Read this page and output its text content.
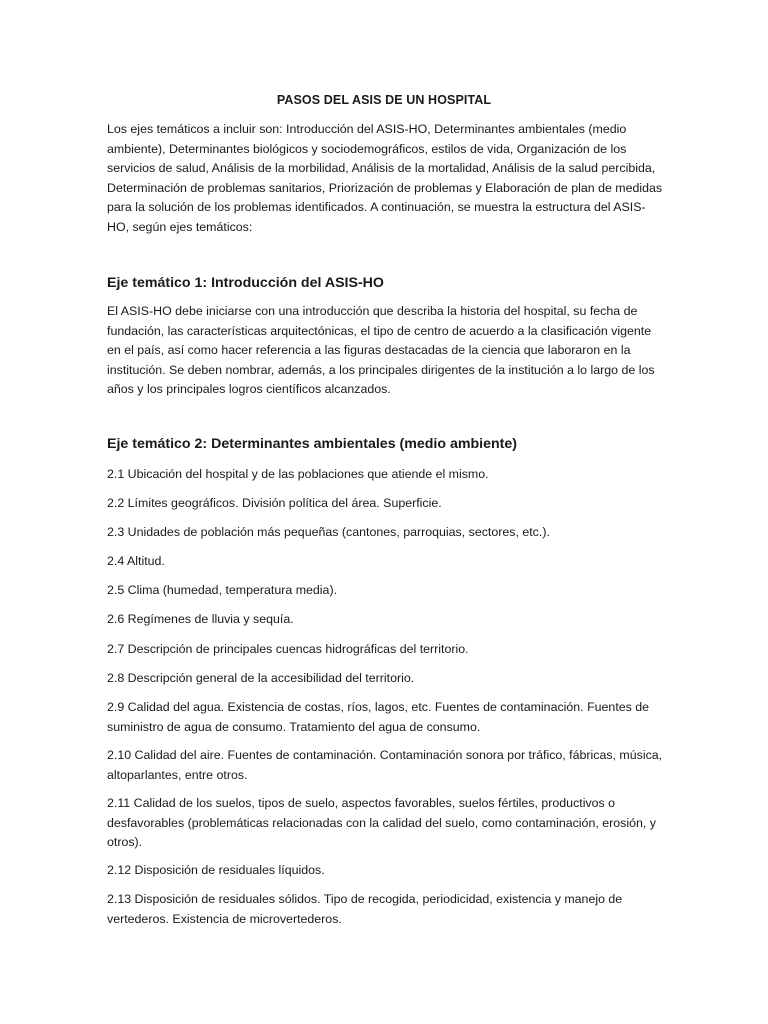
PASOS DEL ASIS DE UN HOSPITAL

Los ejes temáticos a incluir son: Introducción del ASIS-HO, Determinantes ambientales (medio ambiente), Determinantes biológicos y sociodemográficos, estilos de vida, Organización de los servicios de salud, Análisis de la morbilidad, Análisis de la mortalidad, Análisis de la salud percibida, Determinación de problemas sanitarios, Priorización de problemas y Elaboración de plan de medidas para la solución de los problemas identificados. A continuación, se muestra la estructura del ASIS-HO, según ejes temáticos:

Eje temático 1: Introducción del ASIS-HO

El ASIS-HO debe iniciarse con una introducción que describa la historia del hospital, su fecha de fundación, las características arquitectónicas, el tipo de centro de acuerdo a la clasificación vigente en el país, así como hacer referencia a las figuras destacadas de la ciencia que laboraron en la institución. Se deben nombrar, además, a los principales dirigentes de la institución a lo largo de los años y los principales logros científicos alcanzados.

Eje temático 2: Determinantes ambientales (medio ambiente)

2.1 Ubicación del hospital y de las poblaciones que atiende el mismo.

2.2 Límites geográficos. División política del área. Superficie.

2.3 Unidades de población más pequeñas (cantones, parroquias, sectores, etc.).

2.4 Altitud.

2.5 Clima (humedad, temperatura media).

2.6 Regímenes de lluvia y sequía.

2.7 Descripción de principales cuencas hidrográficas del territorio.

2.8 Descripción general de la accesibilidad del territorio.

2.9 Calidad del agua. Existencia de costas, ríos, lagos, etc. Fuentes de contaminación. Fuentes de suministro de agua de consumo. Tratamiento del agua de consumo.

2.10 Calidad del aire. Fuentes de contaminación. Contaminación sonora por tráfico, fábricas, música, altoparlantes, entre otros.

2.11 Calidad de los suelos, tipos de suelo, aspectos favorables, suelos fértiles, productivos o desfavorables (problemáticas relacionadas con la calidad del suelo, como contaminación, erosión, y otros).

2.12 Disposición de residuales líquidos.

2.13 Disposición de residuales sólidos. Tipo de recogida, periodicidad, existencia y manejo de vertederos. Existencia de microvertederos.
